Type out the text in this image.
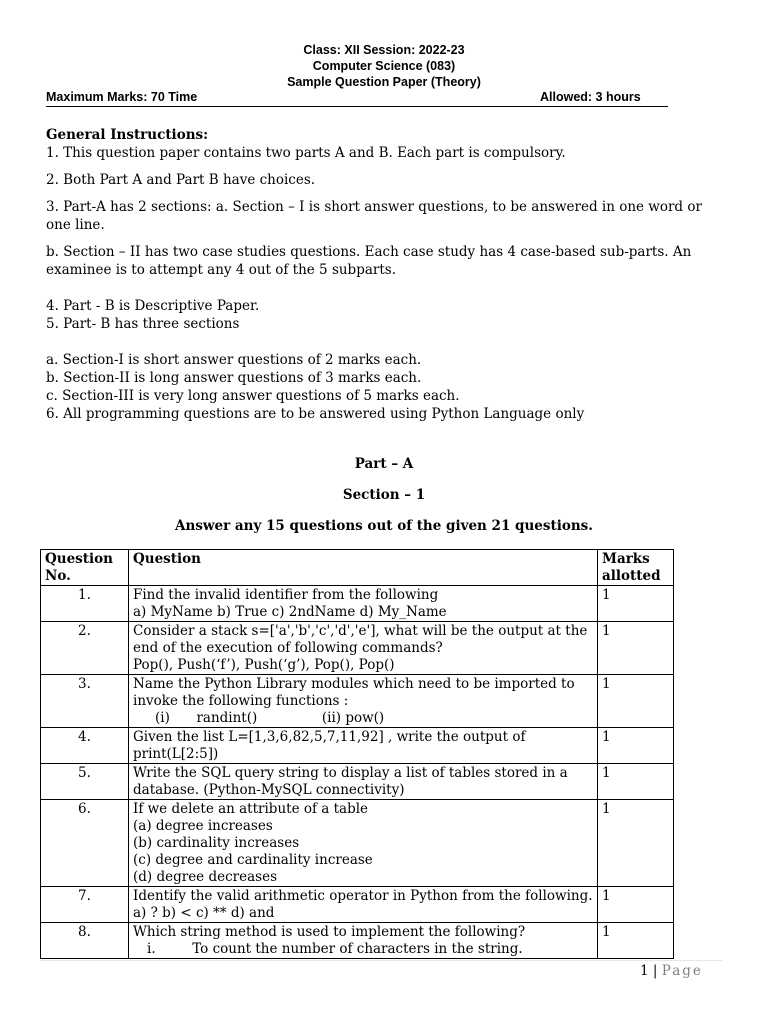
Class: XII Session: 2022-23
Computer Science (083)
Sample Question Paper (Theory)
Maximum Marks: 70 Time	Allowed: 3 hours
General Instructions:
1. This question paper contains two parts A and B. Each part is compulsory.
2. Both Part A and Part B have choices.
3. Part-A has 2 sections: a. Section – I is short answer questions, to be answered in one word or one line.
b. Section – II has two case studies questions. Each case study has 4 case-based sub-parts. An examinee is to attempt any 4 out of the 5 subparts.
4. Part - B is Descriptive Paper.
5. Part- B has three sections
a. Section-I is short answer questions of 2 marks each.
b. Section-II is long answer questions of 3 marks each.
c. Section-III is very long answer questions of 5 marks each.
6. All programming questions are to be answered using Python Language only
Part – A
Section – 1
Answer any 15 questions out of the given 21 questions.
Question No.	Question	Marks allotted
1.	Find the invalid identifier from the following
a) MyName b) True c) 2ndName d) My_Name	1
2.	Consider a stack s=['a','b','c','d','e'], what will be the output at the end of the execution of following commands?
Pop(), Push(‘f’), Push(‘g’), Pop(), Pop()	1
3.	Name the Python Library modules which need to be imported to invoke the following functions :
(i) randint() (ii) pow()	1
4.	Given the list L=[1,3,6,82,5,7,11,92] , write the output of print(L[2:5])	1
5.	Write the SQL query string to display a list of tables stored in a database. (Python-MySQL connectivity)	1
6.	If we delete an attribute of a table
(a) degree increases
(b) cardinality increases
(c) degree and cardinality increase
(d) degree decreases	1
7.	Identify the valid arithmetic operator in Python from the following. a) ? b) < c) ** d) and	1
8.	Which string method is used to implement the following?
i. To count the number of characters in the string.	1
1 | Page
